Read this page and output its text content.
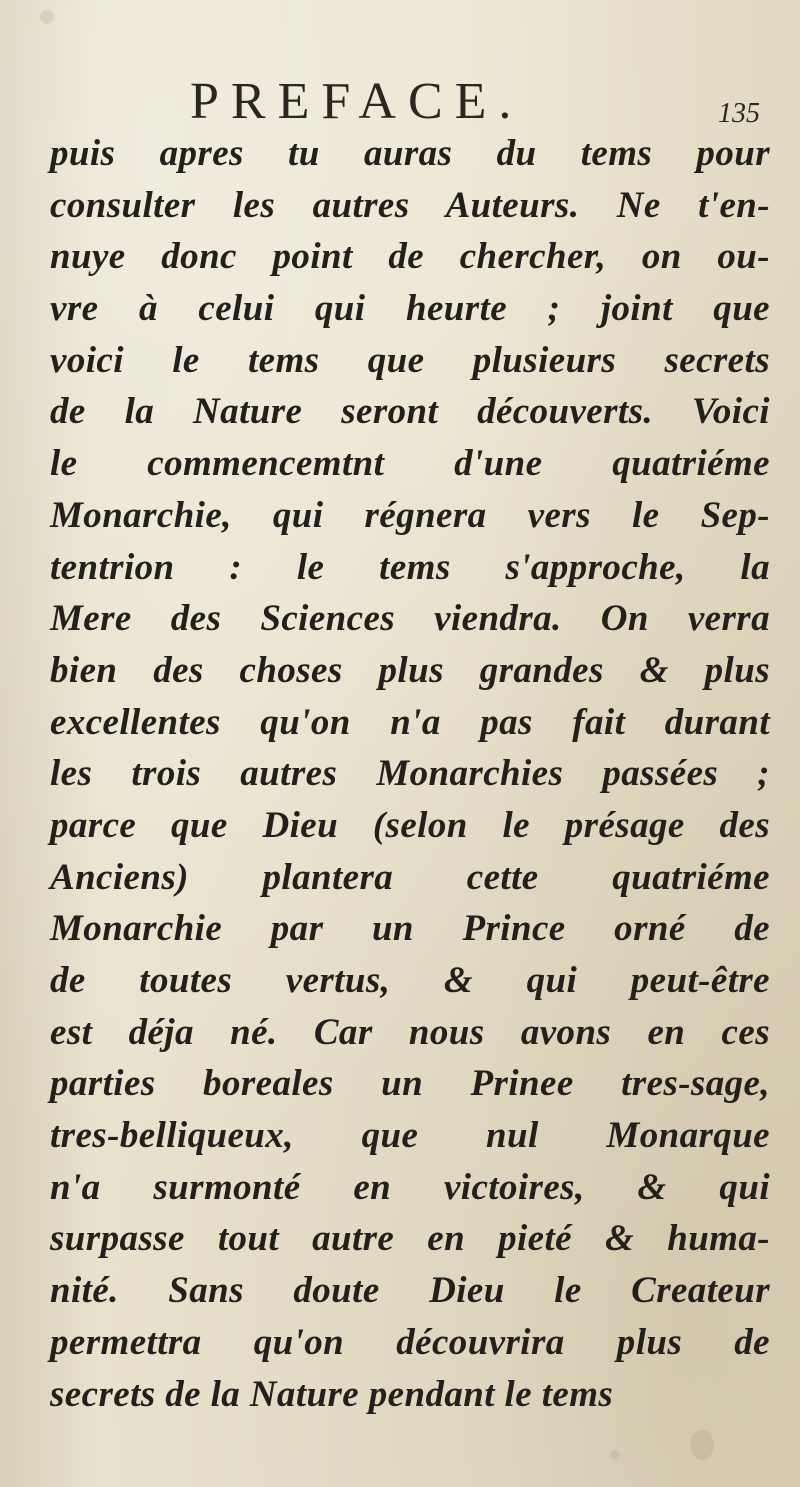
PREFACE.	135
puis apres tu auras du tems pour
consulter les autres Auteurs. Ne t'en-
nuye donc point de chercher, on ou-
vre à celui qui heurte ; joint que
voici le tems que plusieurs secrets
de la Nature seront découverts. Voici
le commencemtnt d'une quatriéme
Monarchie, qui régnera vers le Sep-
tentrion : le tems s'approche, la
Mere des Sciences viendra. On verra
bien des choses plus grandes & plus
excellentes qu'on n'a pas fait durant
les trois autres Monarchies passées ;
parce que Dieu (selon le présage des
Anciens) plantera cette quatriéme
Monarchie par un Prince orné de
de toutes vertus, & qui peut-être
est déja né. Car nous avons en ces
parties boreales un Prinee tres-sage,
tres-belliqueux, que nul Monarque
n'a surmonté en victoires, & qui
surpasse tout autre en pieté & huma-
nité. Sans doute Dieu le Createur
permettra qu'on découvrira plus de
secrets de la Nature pendant le tems
